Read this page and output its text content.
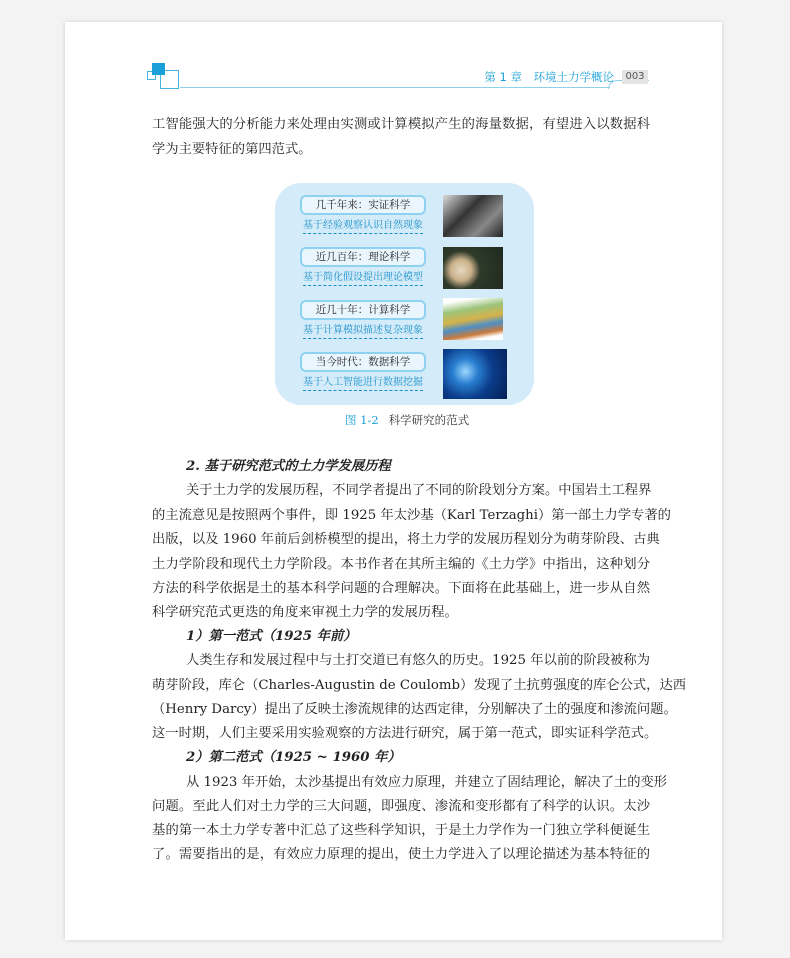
第 1 章　环境土力学概论	003
工智能强大的分析能力来处理由实测或计算模拟产生的海量数据，有望进入以数据科
学为主要特征的第四范式。
几千年来：实证科学
基于经验观察认识自然现象
近几百年：理论科学
基于简化假设提出理论模型
近几十年：计算科学
基于计算模拟描述复杂现象
当今时代：数据科学
基于人工智能进行数据挖掘
图 1-2 科学研究的范式
2. 基于研究范式的土力学发展历程
关于土力学的发展历程，不同学者提出了不同的阶段划分方案。中国岩土工程界
的主流意见是按照两个事件，即 1925 年太沙基（Karl Terzaghi）第一部土力学专著的
出版，以及 1960 年前后剑桥模型的提出，将土力学的发展历程划分为萌芽阶段、古典
土力学阶段和现代土力学阶段。本书作者在其所主编的《土力学》中指出，这种划分
方法的科学依据是土的基本科学问题的合理解决。下面将在此基础上，进一步从自然
科学研究范式更迭的角度来审视土力学的发展历程。
1）第一范式（1925 年前）
人类生存和发展过程中与土打交道已有悠久的历史。1925 年以前的阶段被称为
萌芽阶段，库仑（Charles-Augustin de Coulomb）发现了土抗剪强度的库仑公式，达西
（Henry Darcy）提出了反映土渗流规律的达西定律，分别解决了土的强度和渗流问题。
这一时期，人们主要采用实验观察的方法进行研究，属于第一范式，即实证科学范式。
2）第二范式（1925 ~ 1960 年）
从 1923 年开始，太沙基提出有效应力原理，并建立了固结理论，解决了土的变形
问题。至此人们对土力学的三大问题，即强度、渗流和变形都有了科学的认识。太沙
基的第一本土力学专著中汇总了这些科学知识，于是土力学作为一门独立学科便诞生
了。需要指出的是，有效应力原理的提出，使土力学进入了以理论描述为基本特征的
